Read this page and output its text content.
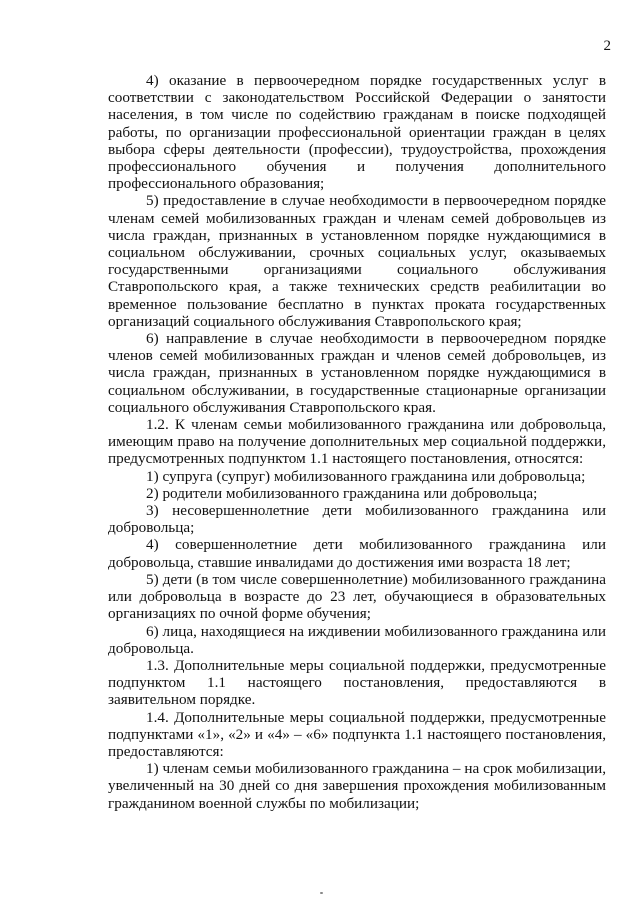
2

4) оказание в первоочередном порядке государственных услуг в соответствии с законодательством Российской Федерации о занятости населения, в том числе по содействию гражданам в поиске подходящей работы, по организации профессиональной ориентации граждан в целях выбора сферы деятельности (профессии), трудоустройства, прохождения профессионального обучения и получения дополнительного профессионального образования;

5) предоставление в случае необходимости в первоочередном порядке членам семей мобилизованных граждан и членам семей добровольцев из числа граждан, признанных в установленном порядке нуждающимися в социальном обслуживании, срочных социальных услуг, оказываемых государственными организациями социального обслуживания Ставропольского края, а также технических средств реабилитации во временное пользование бесплатно в пунктах проката государственных организаций социального обслуживания Ставропольского края;

6) направление в случае необходимости в первоочередном порядке членов семей мобилизованных граждан и членов семей добровольцев, из числа граждан, признанных в установленном порядке нуждающимися в социальном обслуживании, в государственные стационарные организации социального обслуживания Ставропольского края.

1.2. К членам семьи мобилизованного гражданина или добровольца, имеющим право на получение дополнительных мер социальной поддержки, предусмотренных подпунктом 1.1 настоящего постановления, относятся:

1) супруга (супруг) мобилизованного гражданина или добровольца;

2) родители мобилизованного гражданина или добровольца;

3) несовершеннолетние дети мобилизованного гражданина или добровольца;

4) совершеннолетние дети мобилизованного гражданина или добровольца, ставшие инвалидами до достижения ими возраста 18 лет;

5) дети (в том числе совершеннолетние) мобилизованного гражданина или добровольца в возрасте до 23 лет, обучающиеся в образовательных организациях по очной форме обучения;

6) лица, находящиеся на иждивении мобилизованного гражданина или добровольца.

1.3. Дополнительные меры социальной поддержки, предусмотренные подпунктом 1.1 настоящего постановления, предоставляются в заявительном порядке.

1.4. Дополнительные меры социальной поддержки, предусмотренные подпунктами «1», «2» и «4» – «6» подпункта 1.1 настоящего постановления, предоставляются:

1) членам семьи мобилизованного гражданина – на срок мобилизации, увеличенный на 30 дней со дня завершения прохождения мобилизованным гражданином военной службы по мобилизации;
